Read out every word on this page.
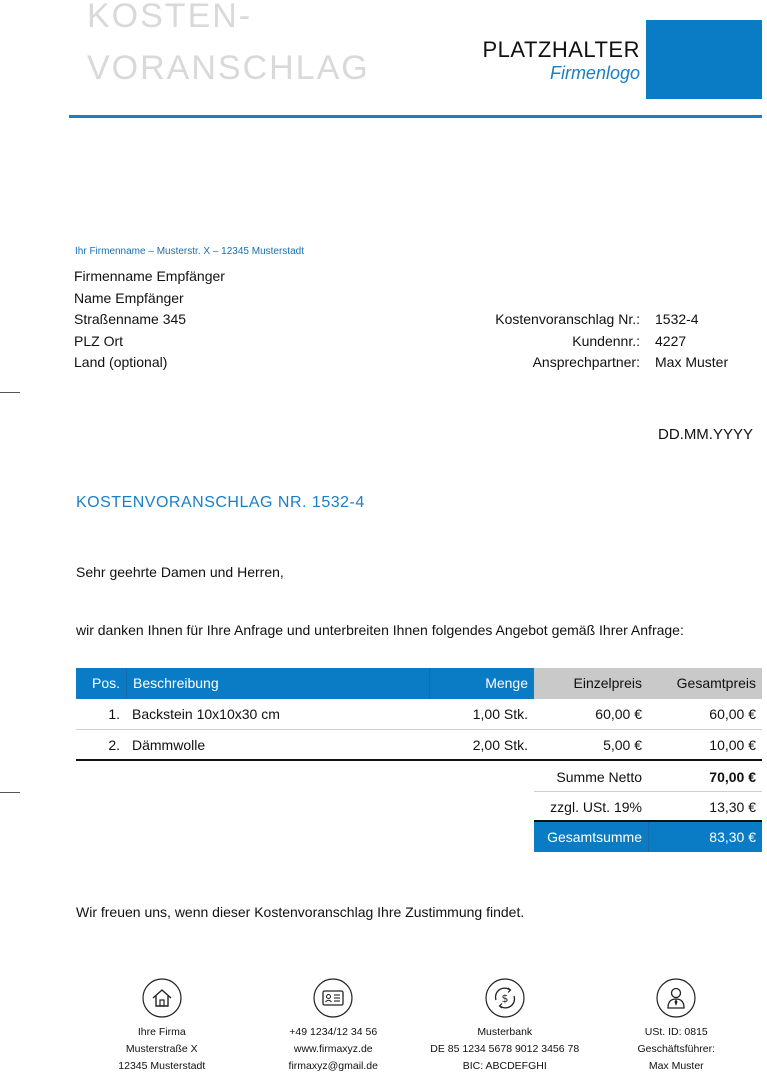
KOSTEN-
VORANSCHLAG	PLATZHALTER
Firmenlogo
Ihr Firmenname – Musterstr. X – 12345 Musterstadt
Firmenname Empfänger
Name Empfänger
Straßenname 345
PLZ Ort
Land (optional)
Kostenvoranschlag Nr.:	1532-4
Kundennr.:	4227
Ansprechpartner:	Max Muster
DD.MM.YYYY
KOSTENVORANSCHLAG NR. 1532-4
Sehr geehrte Damen und Herren,
wir danken Ihnen für Ihre Anfrage und unterbreiten Ihnen folgendes Angebot gemäß Ihrer Anfrage:
Pos. Beschreibung	Menge	Einzelpreis	Gesamtpreis
1. Backstein 10x10x30 cm	1,00 Stk.	60,00 €	60,00 €
2. Dämmwolle	2,00 Stk.	5,00 €	10,00 €
Summe Netto	70,00 €
zzgl. USt. 19%	13,30 €
Gesamtsumme	83,30 €
Wir freuen uns, wenn dieser Kostenvoranschlag Ihre Zustimmung findet.
Ihre Firma
Musterstraße X
12345 Musterstadt
+49 1234/12 34 56
www.firmaxyz.de
firmaxyz@gmail.de
$
Musterbank
DE 85 1234 5678 9012 3456 78
BIC: ABCDEFGHI
USt. ID: 0815
Geschäftsführer:
Max Muster
